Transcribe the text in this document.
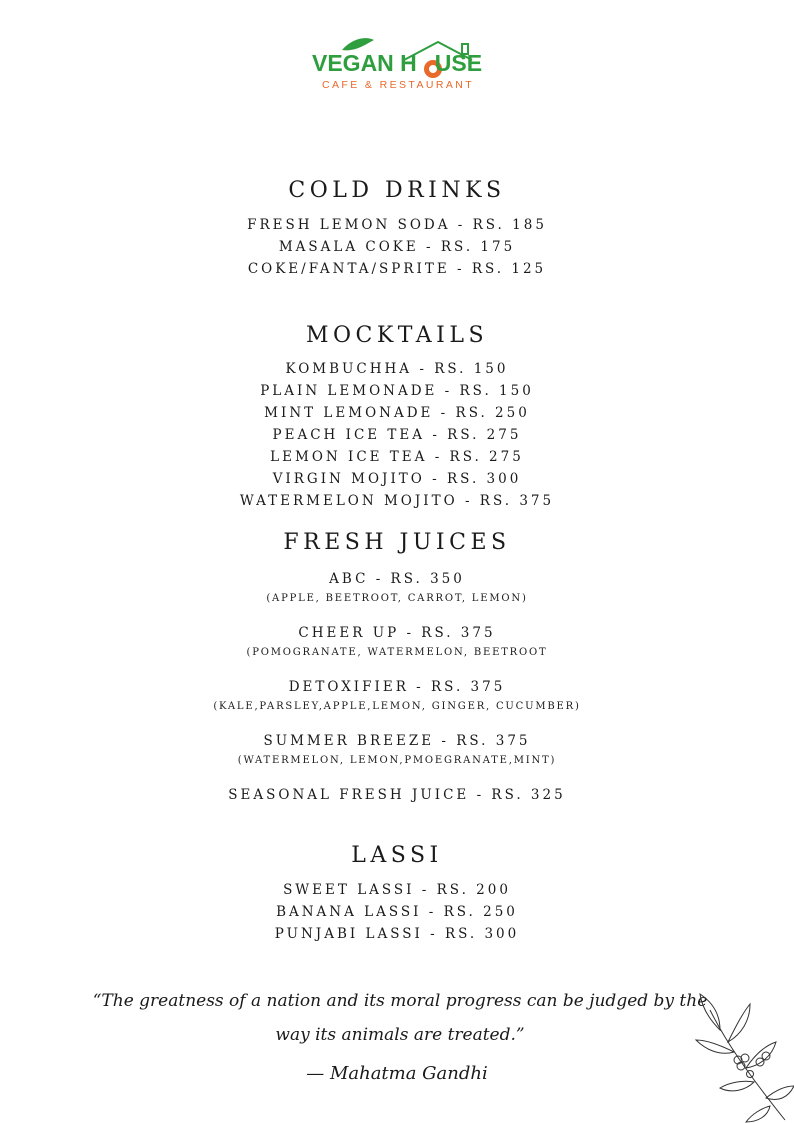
VEGAN H USE
CAFE & RESTAURANT
COLD DRINKS
FRESH LEMON SODA - RS. 185
MASALA COKE - RS. 175
COKE/FANTA/SPRITE - RS. 125
MOCKTAILS
KOMBUCHHA - RS. 150
PLAIN LEMONADE - RS. 150
MINT LEMONADE - RS. 250
PEACH ICE TEA - RS. 275
LEMON ICE TEA - RS. 275
VIRGIN MOJITO - RS. 300
WATERMELON MOJITO - RS. 375
FRESH JUICES
ABC - RS. 350
(APPLE, BEETROOT, CARROT, LEMON)
CHEER UP - RS. 375
(POMOGRANATE, WATERMELON, BEETROOT
DETOXIFIER - RS. 375
(KALE,PARSLEY,APPLE,LEMON, GINGER, CUCUMBER)
SUMMER BREEZE - RS. 375
(WATERMELON, LEMON,PMOEGRANATE,MINT)
SEASONAL FRESH JUICE - RS. 325
LASSI
SWEET LASSI - RS. 200
BANANA LASSI - RS. 250
PUNJABI LASSI - RS. 300
“The greatness of a nation and its moral progress can be judged by the way its animals are treated.”
— Mahatma Gandhi
